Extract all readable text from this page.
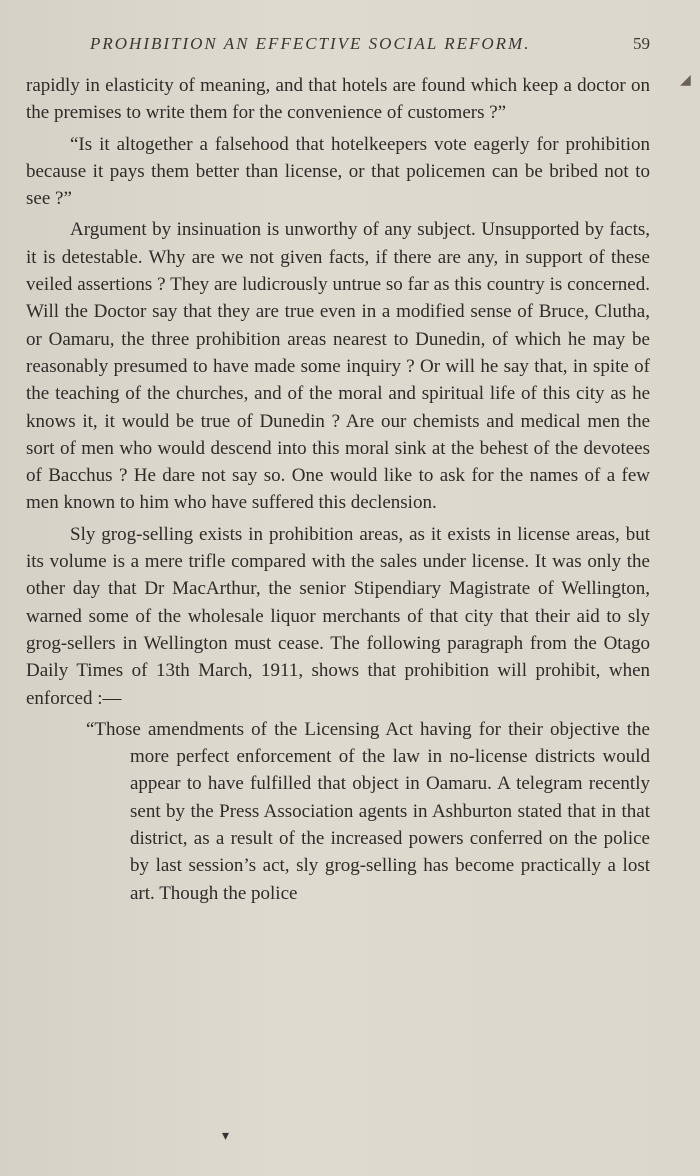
PROHIBITION AN EFFECTIVE SOCIAL REFORM.	59
◢

rapidly in elasticity of meaning, and that hotels are found which keep a doctor on the premises to write them for the convenience of customers ?”

“Is it altogether a falsehood that hotelkeepers vote eagerly for prohibition because it pays them better than license, or that policemen can be bribed not to see ?”

Argument by insinuation is unworthy of any subject. Unsupported by facts, it is detestable. Why are we not given facts, if there are any, in support of these veiled assertions ? They are ludicrously untrue so far as this country is concerned. Will the Doctor say that they are true even in a modified sense of Bruce, Clutha, or Oamaru, the three prohibition areas nearest to Dunedin, of which he may be reasonably presumed to have made some inquiry ? Or will he say that, in spite of the teaching of the churches, and of the moral and spiritual life of this city as he knows it, it would be true of Dunedin ? Are our chemists and medical men the sort of men who would descend into this moral sink at the behest of the devotees of Bacchus ? He dare not say so. One would like to ask for the names of a few men known to him who have suffered this declension.

Sly grog-selling exists in prohibition areas, as it exists in license areas, but its volume is a mere trifle compared with the sales under license. It was only the other day that Dr MacArthur, the senior Stipendiary Magistrate of Wellington, warned some of the wholesale liquor merchants of that city that their aid to sly grog-sellers in Wellington must cease. The following paragraph from the Otago Daily Times of 13th March, 1911, shows that prohibition will prohibit, when enforced :—

“Those amendments of the Licensing Act having for their objective the more perfect enforcement of the law in no-license districts would appear to have fulfilled that object in Oamaru. A telegram recently sent by the Press Association agents in Ashburton stated that in that district, as a result of the increased powers conferred on the police by last session’s act, sly grog-selling has become practically a lost art. Though the police

▾
